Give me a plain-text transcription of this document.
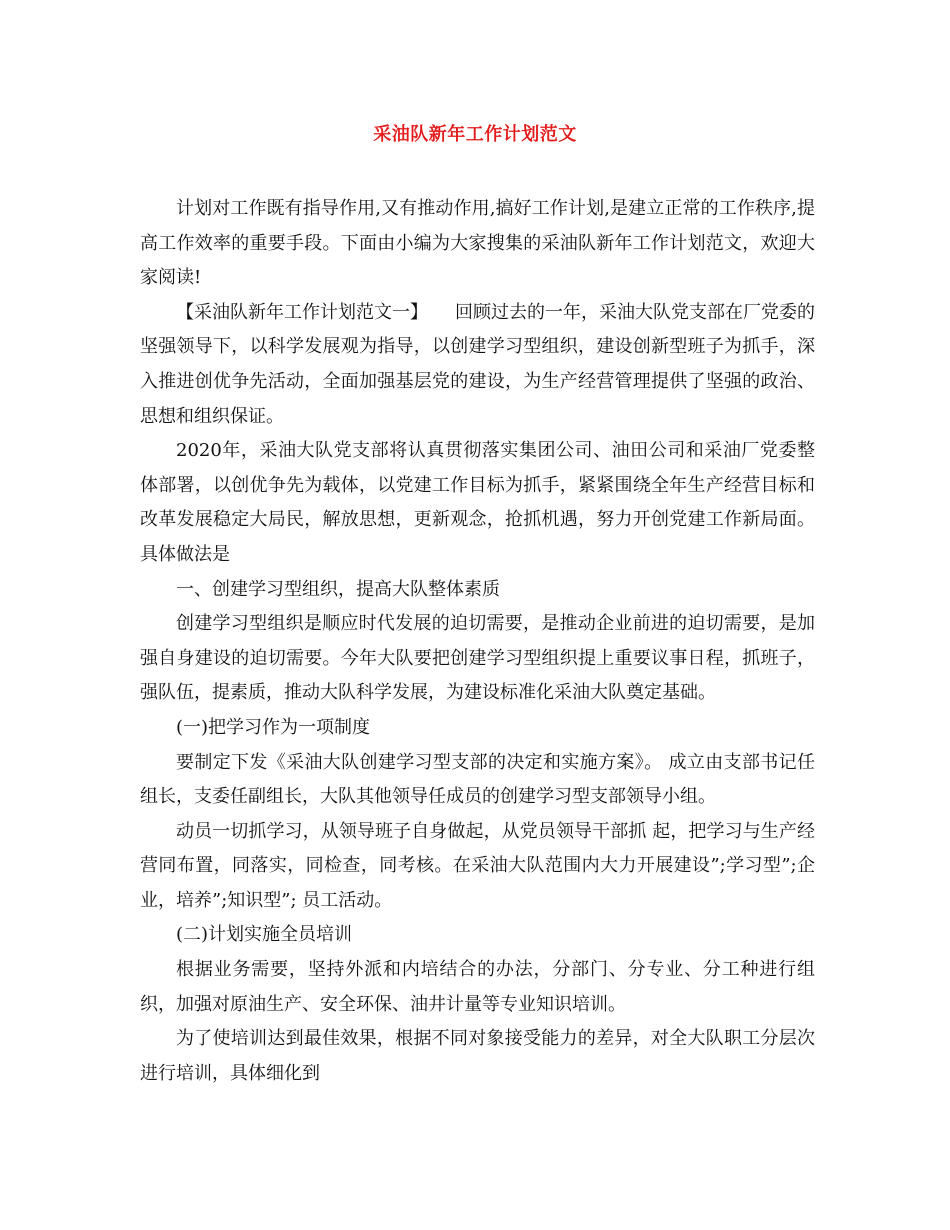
采油队新年工作计划范文

计划对工作既有指导作用,又有推动作用,搞好工作计划,是建立正常的工作秩序,提高工作效率的重要手段。下面由小编为大家搜集的采油队新年工作计划范文，欢迎大家阅读!

【采油队新年工作计划范文一】　　回顾过去的一年，采油大队党支部在厂党委的坚强领导下，以科学发展观为指导，以创建学习型组织，建设创新型班子为抓手，深入推进创优争先活动，全面加强基层党的建设，为生产经营管理提供了坚强的政治、思想和组织保证。

2020年，采油大队党支部将认真贯彻落实集团公司、油田公司和采油厂党委整体部署，以创优争先为载体，以党建工作目标为抓手，紧紧围绕全年生产经营目标和改革发展稳定大局民，解放思想，更新观念，抢抓机遇，努力开创党建工作新局面。具体做法是

一、创建学习型组织，提高大队整体素质

创建学习型组织是顺应时代发展的迫切需要，是推动企业前进的迫切需要，是加强自身建设的迫切需要。今年大队要把创建学习型组织提上重要议事日程，抓班子，强队伍，提素质，推动大队科学发展，为建设标准化采油大队奠定基础。

(一)把学习作为一项制度

要制定下发《采油大队创建学习型支部的决定和实施方案》。 成立由支部书记任组长，支委任副组长，大队其他领导任成员的创建学习型支部领导小组。

动员一切抓学习，从领导班子自身做起，从党员领导干部抓 起，把学习与生产经营同布置，同落实，同检查，同考核。在采油大队范围内大力开展建设”;学习型”;企业，培养”;知识型”; 员工活动。

(二)计划实施全员培训

根据业务需要，坚持外派和内培结合的办法，分部门、分专业、分工种进行组织，加强对原油生产、安全环保、油井计量等专业知识培训。

为了使培训达到最佳效果，根据不同对象接受能力的差异，对全大队职工分层次进行培训，具体细化到
